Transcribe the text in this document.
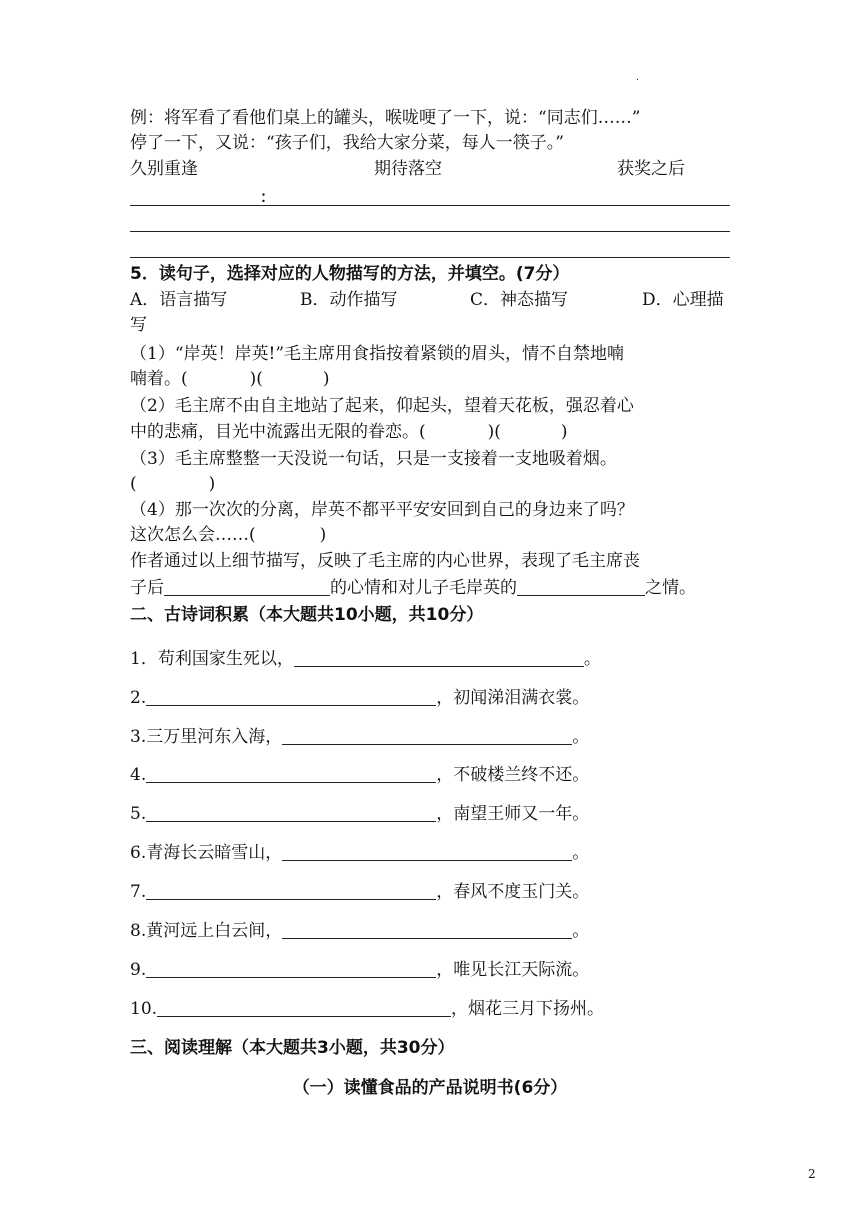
.
例：将军看了看他们桌上的罐头，喉咙哽了一下，说：“同志们……”
停了一下，又说：“孩子们，我给大家分菜，每人一筷子。”
久别重逢	期待落空	获奖之后
：
5．读句子，选择对应的人物描写的方法，并填空。(7分）
A．语言描写	B．动作描写	C．神态描写	D．心理描
写
（1）“岸英！岸英!”毛主席用食指按着紧锁的眉头，情不自禁地喃
喃着。(	)(	)
（2）毛主席不由自主地站了起来，仰起头，望着天花板，强忍着心
中的悲痛，目光中流露出无限的眷恋。(	)(	)
（3）毛主席整整一天没说一句话，只是一支接着一支地吸着烟。
(	)
（4）那一次次的分离，岸英不都平平安安回到自己的身边来了吗？
这次怎么会……(	)
作者通过以上细节描写，反映了毛主席的内心世界，表现了毛主席丧
子后	的心情和对儿子毛岸英的	之情。
二、古诗词积累（本大题共10小题，共10分）
1．苟利国家生死以，	。
2.	，初闻涕泪满衣裳。
3.三万里河东入海，	。
4.	，不破楼兰终不还。
5.	，南望王师又一年。
6.青海长云暗雪山，	。
7.	，春风不度玉门关。
8.黄河远上白云间，	。
9.	，唯见长江天际流。
10.	，烟花三月下扬州。
三、阅读理解（本大题共3小题，共30分）
（一）读懂食品的产品说明书(6分）
2
